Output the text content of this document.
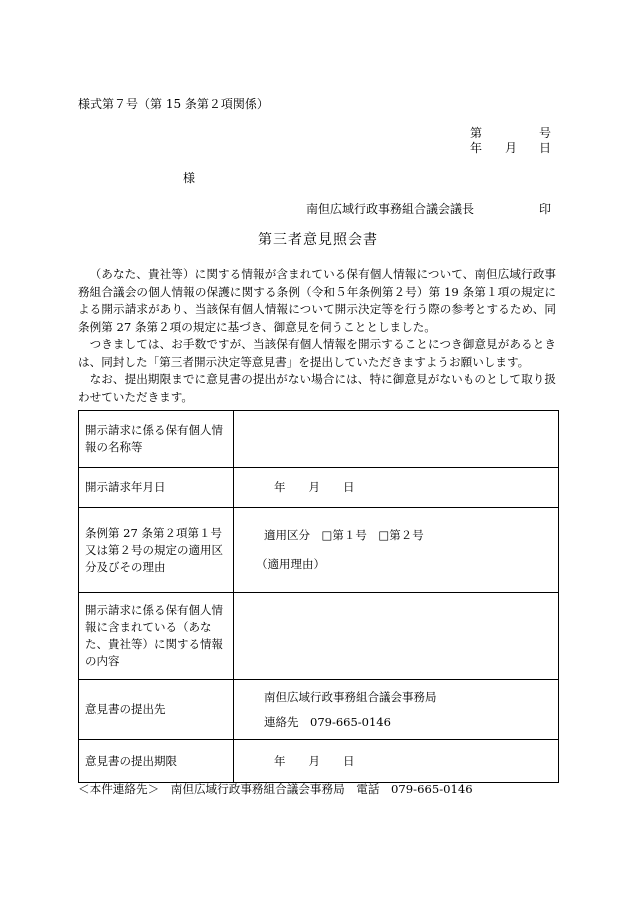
様式第７号（第 15 条第２項関係）
第	号
年 月 日
様
南但広域行政事務組合議会議長	印
第三者意見照会書

（あなた、貴社等）に関する情報が含まれている保有個人情報について、南但広域行政事務組合議会の個人情報の保護に関する条例（令和５年条例第２号）第 19 条第１項の規定による開示請求があり、当該保有個人情報について開示決定等を行う際の参考とするため、同条例第 27 条第２項の規定に基づき、御意見を伺うこととしました。

つきましては、お手数ですが、当該保有個人情報を開示することにつき御意見があるときは、同封した「第三者開示決定等意見書」を提出していただきますようお願いします。

なお、提出期限までに意見書の提出がない場合には、特に御意見がないものとして取り扱わせていただきます。

開示請求に係る保有個人情報の名称等	
開示請求年月日	年　　月　　日
条例第 27 条第２項第１号又は第２号の規定の適用区分及びその理由	適用区分　□第１号　□第２号
（適用理由）

開示請求に係る保有個人情報に含まれている（あなた、貴社等）に関する情報の内容	
意見書の提出先	南但広域行政事務組合議会事務局
連絡先　079-665-0146

意見書の提出期限	年　　月　　日
＜本件連絡先＞　南但広域行政事務組合議会事務局　電話　079-665-0146
